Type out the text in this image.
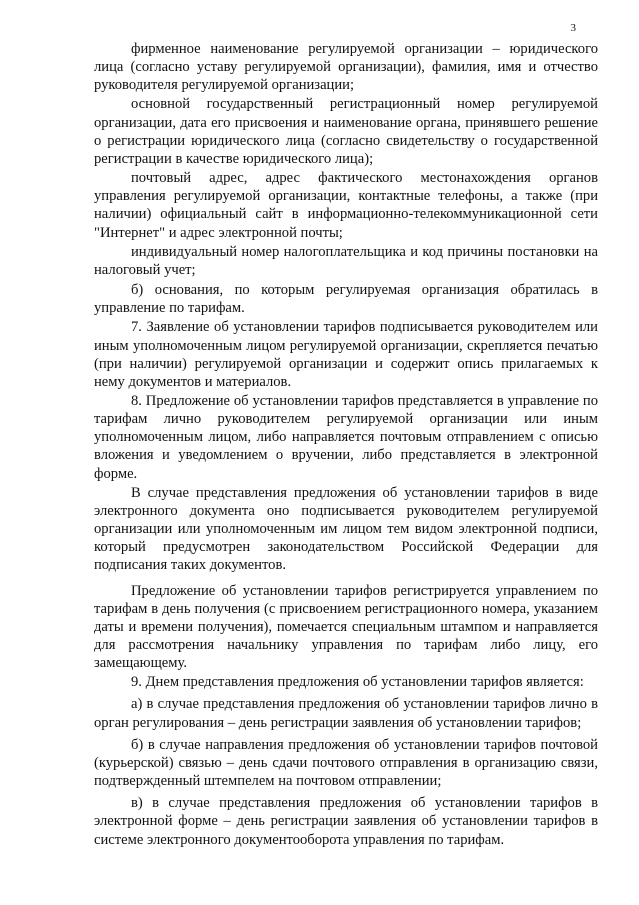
3

фирменное наименование регулируемой организации – юридического лица (согласно уставу регулируемой организации), фамилия, имя и отчество руководителя регулируемой организации;

основной государственный регистрационный номер регулируемой организации, дата его присвоения и наименование органа, принявшего решение о регистрации юридического лица (согласно свидетельству о государственной регистрации в качестве юридического лица);

почтовый адрес, адрес фактического местонахождения органов управления регулируемой организации, контактные телефоны, а также (при наличии) официальный сайт в информационно-телекоммуникационной сети "Интернет" и адрес электронной почты;

индивидуальный номер налогоплательщика и код причины постановки на налоговый учет;

б) основания, по которым регулируемая организация обратилась в управление по тарифам.

7. Заявление об установлении тарифов подписывается руководителем или иным уполномоченным лицом регулируемой организации, скрепляется печатью (при наличии) регулируемой организации и содержит опись прилагаемых к нему документов и материалов.

8. Предложение об установлении тарифов представляется в управление по тарифам лично руководителем регулируемой организации или иным уполномоченным лицом, либо направляется почтовым отправлением с описью вложения и уведомлением о вручении, либо представляется в электронной форме.

В случае представления предложения об установлении тарифов в виде электронного документа оно подписывается руководителем регулируемой организации или уполномоченным им лицом тем видом электронной подписи, который предусмотрен законодательством Российской Федерации для подписания таких документов.

Предложение об установлении тарифов регистрируется управлением по тарифам в день получения (с присвоением регистрационного номера, указанием даты и времени получения), помечается специальным штампом и направляется для рассмотрения начальнику управления по тарифам либо лицу, его замещающему.

9. Днем представления предложения об установлении тарифов является:

а) в случае представления предложения об установлении тарифов лично в орган регулирования – день регистрации заявления об установлении тарифов;

б) в случае направления предложения об установлении тарифов почтовой (курьерской) связью – день сдачи почтового отправления в организацию связи, подтвержденный штемпелем на почтовом отправлении;

в) в случае представления предложения об установлении тарифов в электронной форме – день регистрации заявления об установлении тарифов в системе электронного документооборота управления по тарифам.

· · · · · · · · · · · · · · · · · · · · · · · ·
